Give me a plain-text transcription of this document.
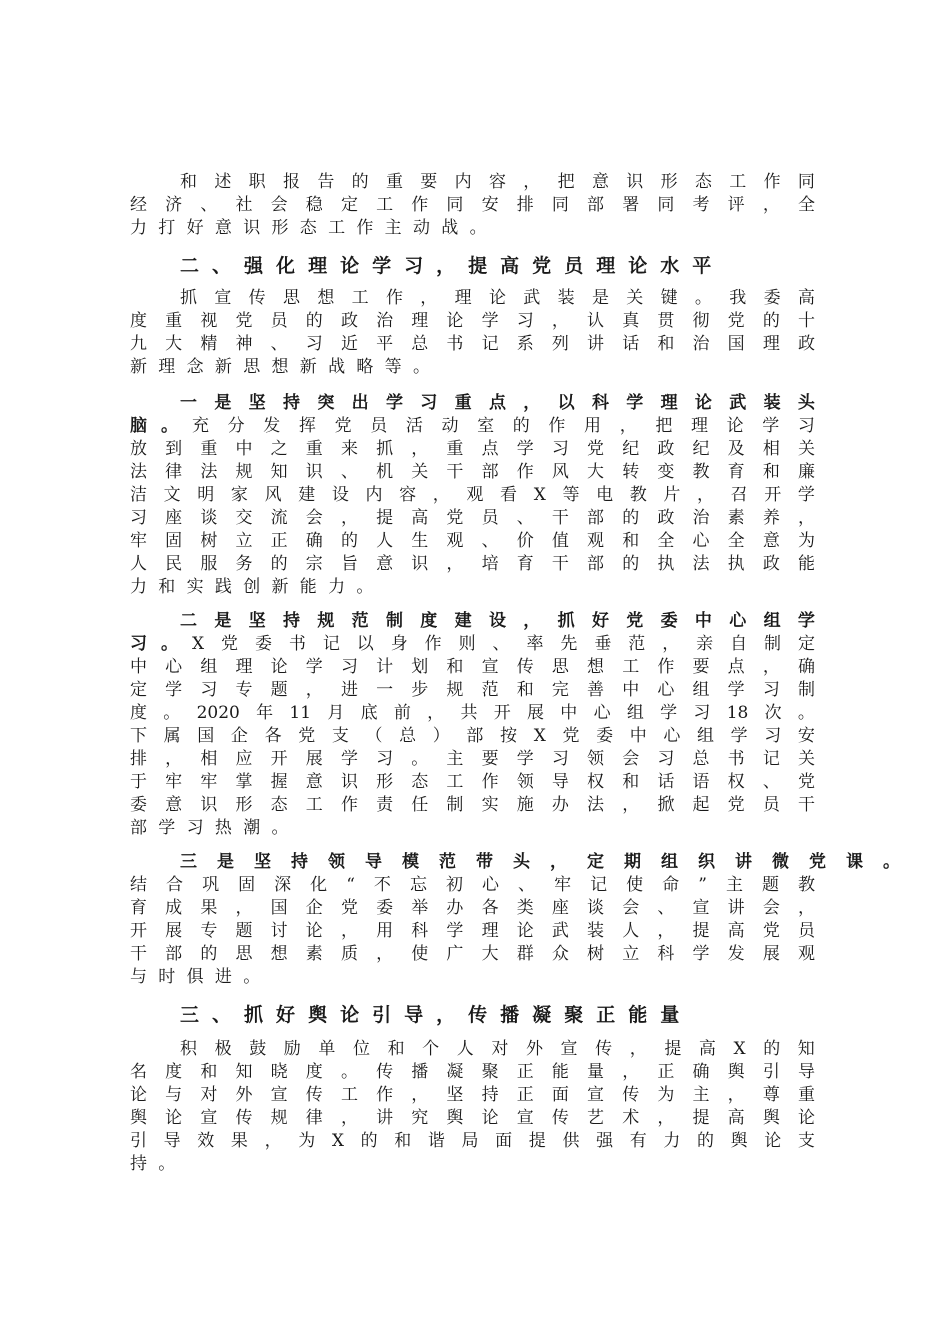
和 述 职 报 告 的 重 要 内 容 ， 把 意 识 形 态 工 作 同
经 济 、 社 会 稳 定 工 作 同 安 排 同 部 署 同 考 评 ， 全
力 打 好 意 识 形 态 工 作 主 动 战 。
二 、 强 化 理 论 学 习 ， 提 高 党 员 理 论 水 平
抓 宣 传 思 想 工 作 ， 理 论 武 装 是 关 键 。 我 委 高
度 重 视 党 员 的 政 治 理 论 学 习 ， 认 真 贯 彻 党 的 十
九 大 精 神 、 习 近 平 总 书 记 系 列 讲 话 和 治 国 理 政
新 理 念 新 思 想 新 战 略 等 。
一 是 坚 持 突 出 学 习 重 点 ， 以 科 学 理 论 武 装 头
脑 。 充 分 发 挥 党 员 活 动 室 的 作 用 ， 把 理 论 学 习
放 到 重 中 之 重 来 抓 ， 重 点 学 习 党 纪 政 纪 及 相 关
法 律 法 规 知 识 、 机 关 干 部 作 风 大 转 变 教 育 和 廉
洁 文 明 家 风 建 设 内 容 ， 观 看 X 等 电 教 片 ， 召 开 学
习 座 谈 交 流 会 ， 提 高 党 员 、 干 部 的 政 治 素 养 ，
牢 固 树 立 正 确 的 人 生 观 、 价 值 观 和 全 心 全 意 为
人 民 服 务 的 宗 旨 意 识 ， 培 育 干 部 的 执 法 执 政 能
力 和 实 践 创 新 能 力 。
二 是 坚 持 规 范 制 度 建 设 ， 抓 好 党 委 中 心 组 学
习 。 X 党 委 书 记 以 身 作 则 、 率 先 垂 范 ， 亲 自 制 定
中 心 组 理 论 学 习 计 划 和 宣 传 思 想 工 作 要 点 ， 确
定 学 习 专 题 ， 进 一 步 规 范 和 完 善 中 心 组 学 习 制
度 。 2020 年 11 月 底 前 ， 共 开 展 中 心 组 学 习 18 次 。
下 属 国 企 各 党 支 （ 总 ） 部 按 X 党 委 中 心 组 学 习 安
排 ， 相 应 开 展 学 习 。 主 要 学 习 领 会 习 总 书 记 关
于 牢 牢 掌 握 意 识 形 态 工 作 领 导 权 和 话 语 权 、 党
委 意 识 形 态 工 作 责 任 制 实 施 办 法 ， 掀 起 党 员 干
部 学 习 热 潮 。
三 是 坚 持 领 导 模 范 带 头 ， 定 期 组 织 讲 微 党 课 。
结 合 巩 固 深 化 “ 不 忘 初 心 、 牢 记 使 命 ” 主 题 教
育 成 果 ， 国 企 党 委 举 办 各 类 座 谈 会 、 宣 讲 会 ，
开 展 专 题 讨 论 ， 用 科 学 理 论 武 装 人 ， 提 高 党 员
干 部 的 思 想 素 质 ， 使 广 大 群 众 树 立 科 学 发 展 观
与 时 俱 进 。
三 、 抓 好 舆 论 引 导 ， 传 播 凝 聚 正 能 量
积 极 鼓 励 单 位 和 个 人 对 外 宣 传 ， 提 高 X 的 知
名 度 和 知 晓 度 。 传 播 凝 聚 正 能 量 ， 正 确 舆 引 导
论 与 对 外 宣 传 工 作 ， 坚 持 正 面 宣 传 为 主 ， 尊 重
舆 论 宣 传 规 律 ， 讲 究 舆 论 宣 传 艺 术 ， 提 高 舆 论
引 导 效 果 ， 为 X 的 和 谐 局 面 提 供 强 有 力 的 舆 论 支
持 。
